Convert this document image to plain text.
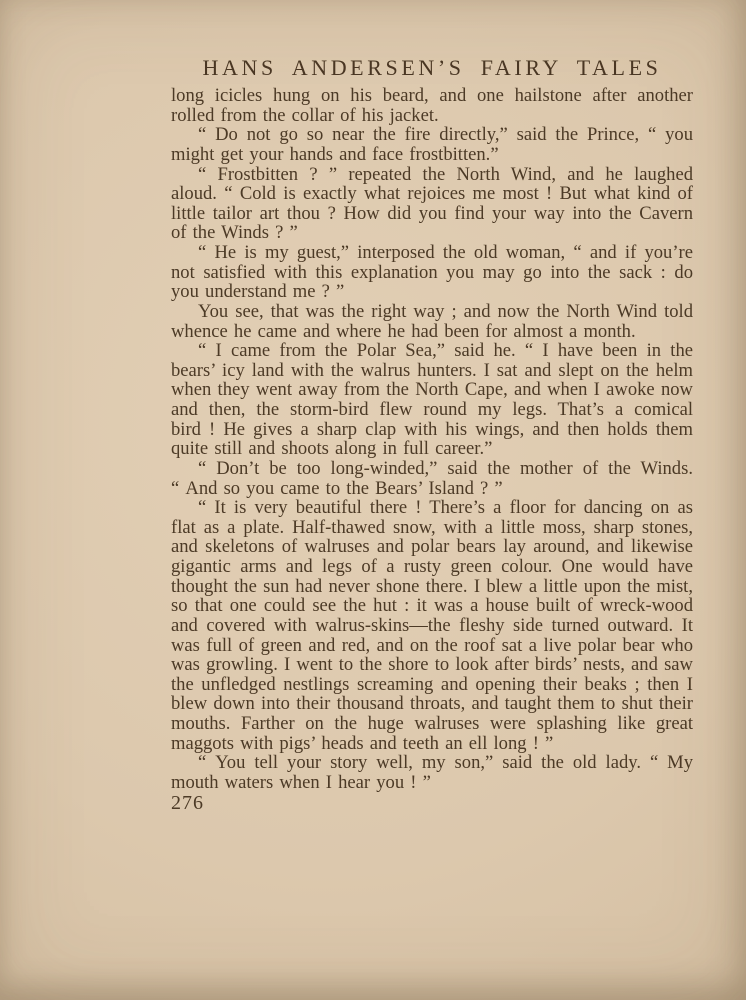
HANS ANDERSEN’S FAIRY TALES

long icicles hung on his beard, and one hailstone after another rolled from the collar of his jacket.

“ Do not go so near the fire directly,” said the Prince, “ you might get your hands and face frostbitten.”

“ Frostbitten ? ” repeated the North Wind, and he laughed aloud. “ Cold is exactly what rejoices me most ! But what kind of little tailor art thou ? How did you find your way into the Cavern of the Winds ? ”

“ He is my guest,” interposed the old woman, “ and if you’re not satisfied with this explanation you may go into the sack : do you understand me ? ”

You see, that was the right way ; and now the North Wind told whence he came and where he had been for almost a month.

“ I came from the Polar Sea,” said he. “ I have been in the bears’ icy land with the walrus hunters. I sat and slept on the helm when they went away from the North Cape, and when I awoke now and then, the storm-bird flew round my legs. That’s a comical bird ! He gives a sharp clap with his wings, and then holds them quite still and shoots along in full career.”

“ Don’t be too long-winded,” said the mother of the Winds. “ And so you came to the Bears’ Island ? ”

“ It is very beautiful there ! There’s a floor for dancing on as flat as a plate. Half-thawed snow, with a little moss, sharp stones, and skeletons of walruses and polar bears lay around, and likewise gigantic arms and legs of a rusty green colour. One would have thought the sun had never shone there. I blew a little upon the mist, so that one could see the hut : it was a house built of wreck-wood and covered with walrus-skins—the fleshy side turned outward. It was full of green and red, and on the roof sat a live polar bear who was growling. I went to the shore to look after birds’ nests, and saw the unfledged nestlings screaming and opening their beaks ; then I blew down into their thousand throats, and taught them to shut their mouths. Farther on the huge walruses were splashing like great maggots with pigs’ heads and teeth an ell long ! ”

“ You tell your story well, my son,” said the old lady. “ My mouth waters when I hear you ! ”

276
